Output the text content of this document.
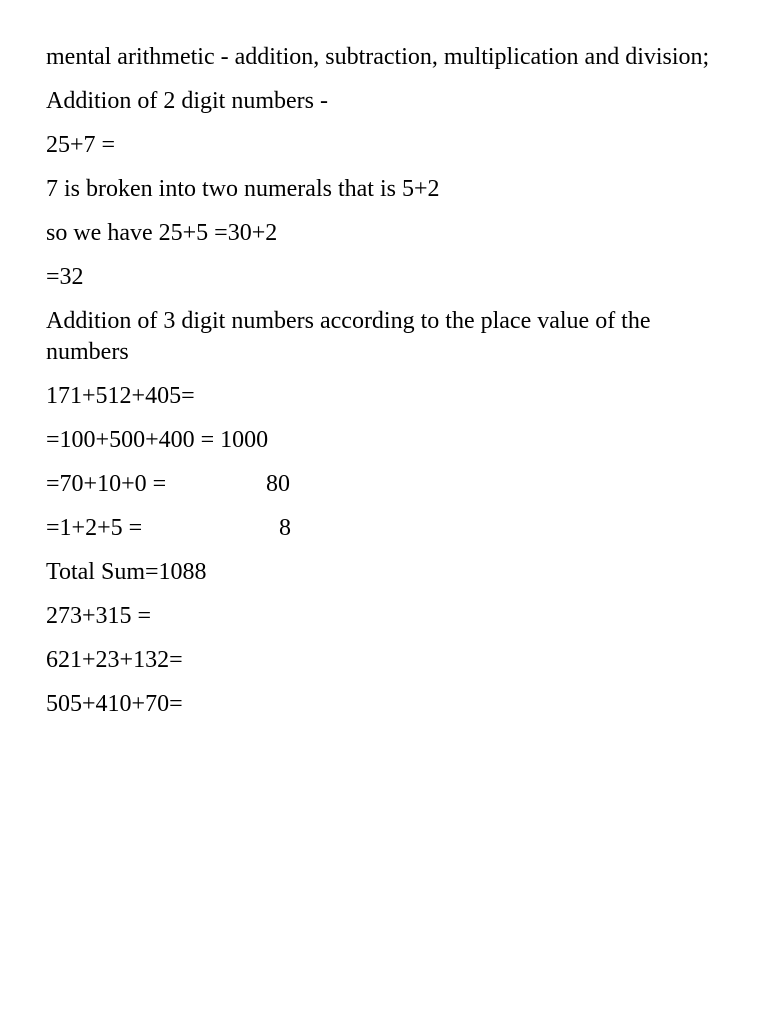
mental arithmetic - addition, subtraction, multiplication and division;

Addition of 2 digit numbers -

25+7 =

7 is broken into two numerals that is 5+2

so we have 25+5 =30+2

=32

Addition of 3 digit numbers according to the place value of the numbers

171+512+405=

=100+500+400 = 1000

=70+10+0 =	80
=1+2+5 =	8

Total Sum=1088

273+315 =

621+23+132=

505+410+70=
